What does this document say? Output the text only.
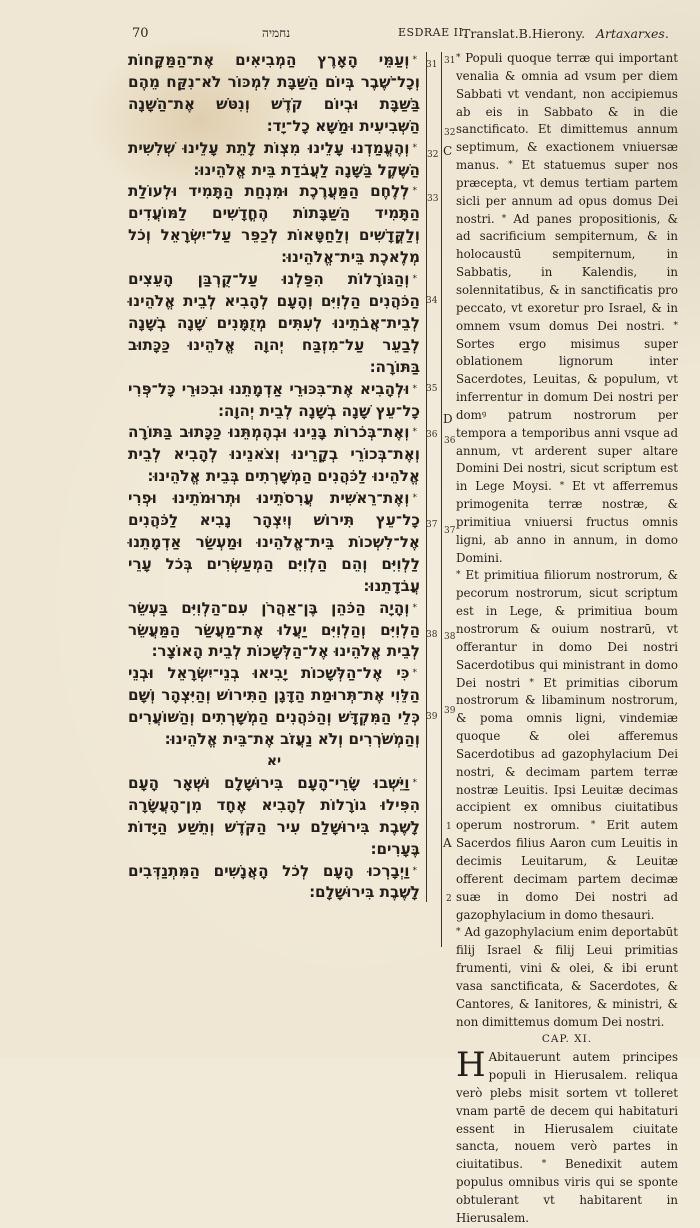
70	נחמיה	ESDRAE II.
Translat.B.Hierony. Artaxarxes.

*וְעַמֵּי הָאָרֶץ הַמְבִיאִים אֶת־הַמַּקָּחוֹת וְכָל־שֶׁבֶר בְּיוֹם הַשַּׁבָּת לִמְכּוֹר לֹא־נִקַּח מֵהֶם בַּשַּׁבָּת וּבְיוֹם קֹדֶשׁ וְנִטֹּשׁ אֶת־הַשָּׁנָה הַשְּׁבִיעִית וּמַשָּׁא כָל־יָד׃

*וְהֶעֱמַדְנוּ עָלֵינוּ מִצְוֺת לָתֵת עָלֵינוּ שְׁלִשִׁית הַשֶּׁקֶל בַּשָּׁנָה לַעֲבֹדַת בֵּית אֱלֹהֵינוּ׃

*לְלֶחֶם הַמַּעֲרֶכֶת וּמִנְחַת הַתָּמִיד וּלְעוֹלַת הַתָּמִיד הַשַּׁבָּתוֹת הֶחֳדָשִׁים לַמּוֹעֲדִים וְלַקֳּדָשִׁים וְלַחַטָּאוֹת לְכַפֵּר עַל־יִשְׂרָאֵל וְכֹל מְלֶאכֶת בֵּית־אֱלֹהֵינוּ׃

*וְהַגּוֹרָלוֹת הִפַּלְנוּ עַל־קֻרְבַּן הָעֵצִים הַכֹּהֲנִים הַלְוִיִּם וְהָעָם לְהָבִיא לְבֵית אֱלֹהֵינוּ לְבֵית־אֲבֹתֵינוּ לְעִתִּים מְזֻמָּנִים שָׁנָה בְשָׁנָה לְבַעֵר עַל־מִזְבַּח יְהוָה אֱלֹהֵינוּ כַּכָּתוּב בַּתּוֹרָה׃

*וּלְהָבִיא אֶת־בִּכּוּרֵי אַדְמָתֵנוּ וּבִכּוּרֵי כָּל־פְּרִי כָל־עֵץ שָׁנָה בְשָׁנָה לְבֵית יְהוָה׃

*וְאֶת־בְּכֹרוֹת בָּנֵינוּ וּבְהֶמְתֵּנוּ כַּכָּתוּב בַּתּוֹרָה וְאֶת־בְּכוֹרֵי בְקָרֵינוּ וְצֹאנֵינוּ לְהָבִיא לְבֵית אֱלֹהֵינוּ לַכֹּהֲנִים הַמְשָׁרְתִים בְּבֵית אֱלֹהֵינוּ׃

*וְאֶת־רֵאשִׁית עֲרִסֹתֵינוּ וּתְרוּמֹתֵינוּ וּפְרִי כָל־עֵץ תִּירוֹשׁ וְיִצְהָר נָבִיא לַכֹּהֲנִים אֶל־לִשְׁכוֹת בֵּית־אֱלֹהֵינוּ וּמַעְשַׂר אַדְמָתֵנוּ לַלְוִיִּם וְהֵם הַלְוִיִּם הַמְעַשְּׂרִים בְּכֹל עָרֵי עֲבֹדָתֵנוּ׃

*וְהָיָה הַכֹּהֵן בֶּן־אַהֲרֹן עִם־הַלְוִיִּם בַּעְשֵׂר הַלְוִיִּם וְהַלְוִיִּם יַעֲלוּ אֶת־מַעֲשַׂר הַמַּעֲשֵׂר לְבֵית אֱלֹהֵינוּ אֶל־הַלְּשָׁכוֹת לְבֵית הָאוֹצָר׃

*כִּי אֶל־הַלְּשָׁכוֹת יָבִיאוּ בְנֵי־יִשְׂרָאֵל וּבְנֵי הַלֵּוִי אֶת־תְּרוּמַת הַדָּגָן הַתִּירוֹשׁ וְהַיִּצְהָר וְשָׁם כְּלֵי הַמִּקְדָּשׁ וְהַכֹּהֲנִים הַמְשָׁרְתִים וְהַשּׁוֹעֲרִים וְהַמְשֹׁרְרִים וְלֹא נַעֲזֹב אֶת־בֵּית אֱלֹהֵינוּ׃

יא

*וַיֵּשְׁבוּ שָׂרֵי־הָעָם בִּירוּשָׁלָ͏ִם וּשְׁאָר הָעָם הִפִּילוּ גוֹרָלוֹת לְהָבִיא אֶחָד מִן־הָעֲשָׂרָה לָשֶׁבֶת בִּירוּשָׁלַ͏ִם עִיר הַקֹּדֶשׁ וְתֵשַׁע הַיָּדוֹת בֶּעָרִים׃

*וַיְבָרְכוּ הָעָם לְכֹל הָאֲנָשִׁים הַמִּתְנַדְּבִים לָשֶׁבֶת בִּירוּשָׁלָ͏ִם׃

31
32
33
34
35
36
37
38
39
31
32
36
37
38
39
1
2
C
D
A

* Populi quoque terræ qui important venalia & omnia ad vsum per diem Sabbati vt vendant, non accipiemus ab eis in Sabbato & in die sanctificato. Et dimittemus annum septimum, & exactionem vniuersæ manus. * Et statuemus super nos præcepta, vt demus tertiam partem sicli per annum ad opus domus Dei nostri. * Ad panes propositionis, & ad sacrificium sempiternum, & in holocaustū sempiternum, in Sabbatis, in Kalendis, in solennitatibus, & in sanctificatis pro peccato, vt exoretur pro Israel, & in omnem vsum domus Dei nostri. * Sortes ergo misimus super oblationem lignorum inter Sacerdotes, Leuitas, & populum, vt inferrentur in domum Dei nostri per domꝰ patrum nostrorum per tempora a temporibus anni vsque ad annum, vt arderent super altare Domini Dei nostri, sicut scriptum est in Lege Moysi. * Et vt afferremus primogenita terræ nostræ, & primitiua vniuersi fructus omnis ligni, ab anno in annum, in domo Domini.

* Et primitiua filiorum nostrorum, & pecorum nostrorum, sicut scriptum est in Lege, & primitiua boum nostrorum & ouium nostrarū, vt offerantur in domo Dei nostri Sacerdotibus qui ministrant in domo Dei nostri * Et primitias ciborum nostrorum & libaminum nostrorum, & poma omnis ligni, vindemiæ quoque & olei afferemus Sacerdotibus ad gazophylacium Dei nostri, & decimam partem terræ nostræ Leuitis. Ipsi Leuitæ decimas accipient ex omnibus ciuitatibus operum nostrorum. * Erit autem Sacerdos filius Aaron cum Leuitis in decimis Leuitarum, & Leuitæ offerent decimam partem decimæ suæ in domo Dei nostri ad gazophylacium in domo thesauri.

* Ad gazophylacium enim deportabūt filij Israel & filij Leui primitias frumenti, vini & olei, & ibi erunt vasa sanctificata, & Sacerdotes, & Cantores, & Ianitores, & ministri, & non dimittemus domum Dei nostri.

CAP. XI.

H Abitauerunt autem principes populi in Hierusalem. reliqua verò plebs misit sortem vt tolleret vnam partē de decem qui habitaturi essent in Hierusalem ciuitate sancta, nouem verò partes in ciuitatibus. * Benedixit autem populus omnibus viris qui se sponte obtulerant vt habitarent in Hierusalem.
